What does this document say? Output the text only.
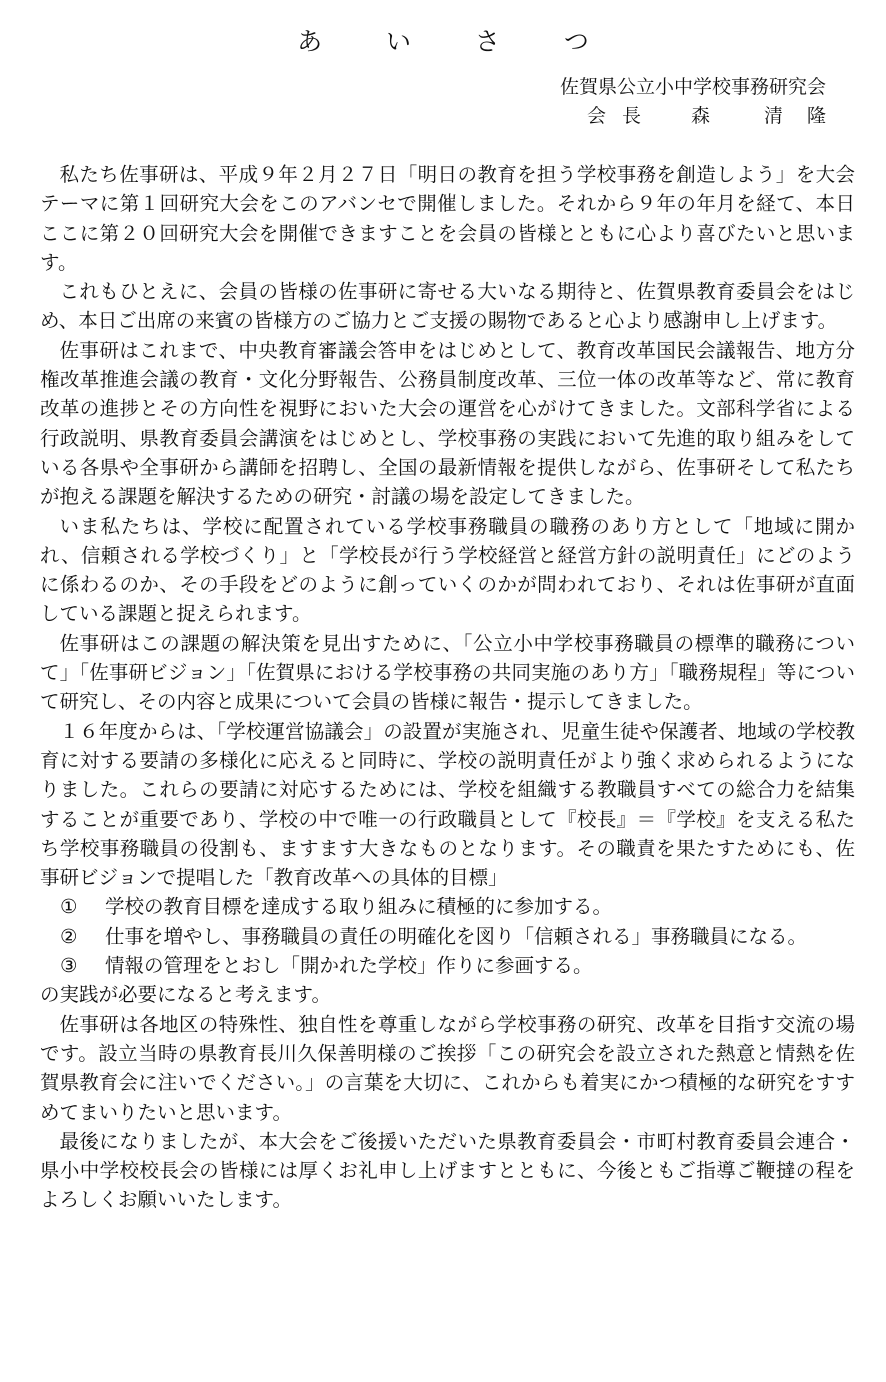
あ い さ つ
佐賀県公立小中学校事務研究会
会長 森 清隆

私たち佐事研は、平成９年２月２７日「明日の教育を担う学校事務を創造しよう」を大会テーマに第１回研究大会をこのアバンセで開催しました。それから９年の年月を経て、本日ここに第２０回研究大会を開催できますことを会員の皆様とともに心より喜びたいと思います。

これもひとえに、会員の皆様の佐事研に寄せる大いなる期待と、佐賀県教育委員会をはじめ、本日ご出席の来賓の皆様方のご協力とご支援の賜物であると心より感謝申し上げます。

佐事研はこれまで、中央教育審議会答申をはじめとして、教育改革国民会議報告、地方分権改革推進会議の教育・文化分野報告、公務員制度改革、三位一体の改革等など、常に教育改革の進捗とその方向性を視野においた大会の運営を心がけてきました。文部科学省による行政説明、県教育委員会講演をはじめとし、学校事務の実践において先進的取り組みをしている各県や全事研から講師を招聘し、全国の最新情報を提供しながら、佐事研そして私たちが抱える課題を解決するための研究・討議の場を設定してきました。

いま私たちは、学校に配置されている学校事務職員の職務のあり方として「地域に開かれ、信頼される学校づくり」と「学校長が行う学校経営と経営方針の説明責任」にどのように係わるのか、その手段をどのように創っていくのかが問われており、それは佐事研が直面している課題と捉えられます。

佐事研はこの課題の解決策を見出すために、「公立小中学校事務職員の標準的職務について」「佐事研ビジョン」「佐賀県における学校事務の共同実施のあり方」「職務規程」等について研究し、その内容と成果について会員の皆様に報告・提示してきました。

１６年度からは、「学校運営協議会」の設置が実施され、児童生徒や保護者、地域の学校教育に対する要請の多様化に応えると同時に、学校の説明責任がより強く求められるようになりました。これらの要請に対応するためには、学校を組織する教職員すべての総合力を結集することが重要であり、学校の中で唯一の行政職員として『校長』＝『学校』を支える私たち学校事務職員の役割も、ますます大きなものとなります。その職責を果たすためにも、佐事研ビジョンで提唱した「教育改革への具体的目標」

① 学校の教育目標を達成する取り組みに積極的に参加する。
② 仕事を増やし、事務職員の責任の明確化を図り「信頼される」事務職員になる。
③ 情報の管理をとおし「開かれた学校」作りに参画する。

の実践が必要になると考えます。

佐事研は各地区の特殊性、独自性を尊重しながら学校事務の研究、改革を目指す交流の場です。設立当時の県教育長川久保善明様のご挨拶「この研究会を設立された熱意と情熱を佐賀県教育会に注いでください。」の言葉を大切に、これからも着実にかつ積極的な研究をすすめてまいりたいと思います。

最後になりましたが、本大会をご後援いただいた県教育委員会・市町村教育委員会連合・県小中学校校長会の皆様には厚くお礼申し上げますとともに、今後ともご指導ご鞭撻の程をよろしくお願いいたします。
